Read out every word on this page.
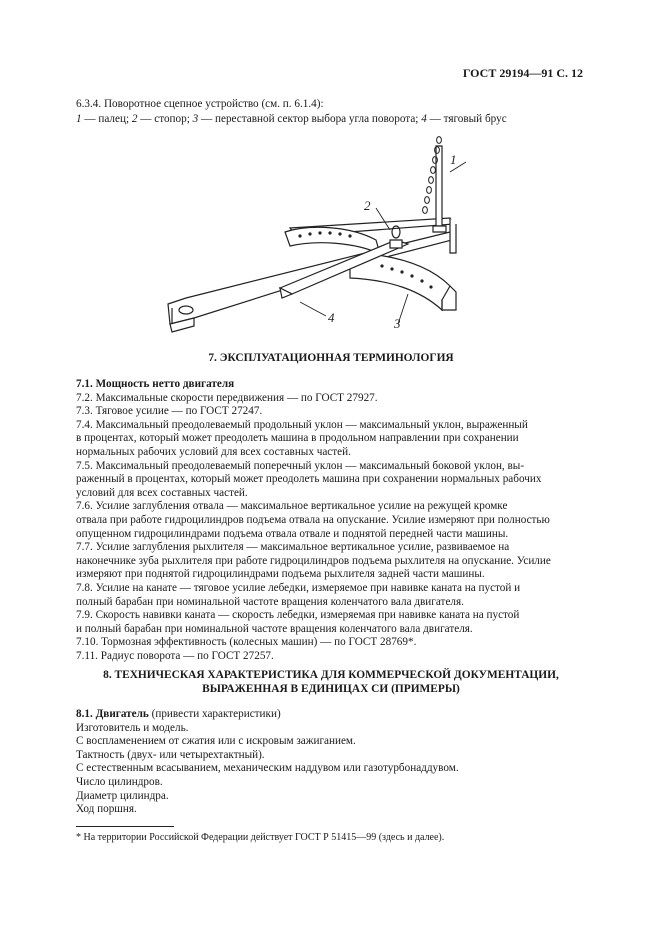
ГОСТ 29194—91 С. 12
6.3.4. Поворотное сцепное устройство (см. п. 6.1.4):
1 — палец; 2 — стопор; 3 — переставной сектор выбора угла поворота; 4 — тяговый брус
1
2
3
4
7. ЭКСПЛУАТАЦИОННАЯ ТЕРМИНОЛОГИЯ
7.1. Мощность нетто двигателя
7.2. Максимальные скорости передвижения — по ГОСТ 27927.
7.3. Тяговое усилие — по ГОСТ 27247.
7.4. Максимальный преодолеваемый продольный уклон — максимальный уклон, выраженный
в процентах, который может преодолеть машина в продольном направлении при сохранении
нормальных рабочих условий для всех составных частей.
7.5. Максимальный преодолеваемый поперечный уклон — максимальный боковой уклон, вы-
раженный в процентах, который может преодолеть машина при сохранении нормальных рабочих
условий для всех составных частей.
7.6. Усилие заглубления отвала — максимальное вертикальное усилие на режущей кромке
отвала при работе гидроцилиндров подъема отвала на опускание. Усилие измеряют при полностью
опущенном гидроцилиндрами подъема отвала отвале и поднятой передней части машины.
7.7. Усилие заглубления рыхлителя — максимальное вертикальное усилие, развиваемое на
наконечнике зуба рыхлителя при работе гидроцилиндров подъема рыхлителя на опускание. Усилие
измеряют при поднятой гидроцилиндрами подъема рыхлителя задней части машины.
7.8. Усилие на канате — тяговое усилие лебедки, измеряемое при навивке каната на пустой и
полный барабан при номинальной частоте вращения коленчатого вала двигателя.
7.9. Скорость навивки каната — скорость лебедки, измеряемая при навивке каната на пустой
и полный барабан при номинальной частоте вращения коленчатого вала двигателя.
7.10. Тормозная эффективность (колесных машин) — по ГОСТ 28769*.
7.11. Радиус поворота — по ГОСТ 27257.
8. ТЕХНИЧЕСКАЯ ХАРАКТЕРИСТИКА ДЛЯ КОММЕРЧЕСКОЙ ДОКУМЕНТАЦИИ,
ВЫРАЖЕННАЯ В ЕДИНИЦАХ СИ (ПРИМЕРЫ)

8.1. Двигатель (привести характеристики)

Изготовитель и модель.

С воспламенением от сжатия или с искровым зажиганием.

Тактность (двух- или четырехтактный).

С естественным всасыванием, механическим наддувом или газотурбонаддувом.

Число цилиндров.

Диаметр цилиндра.

Ход поршня.

* На территории Российской Федерации действует ГОСТ Р 51415—99 (здесь и далее).
